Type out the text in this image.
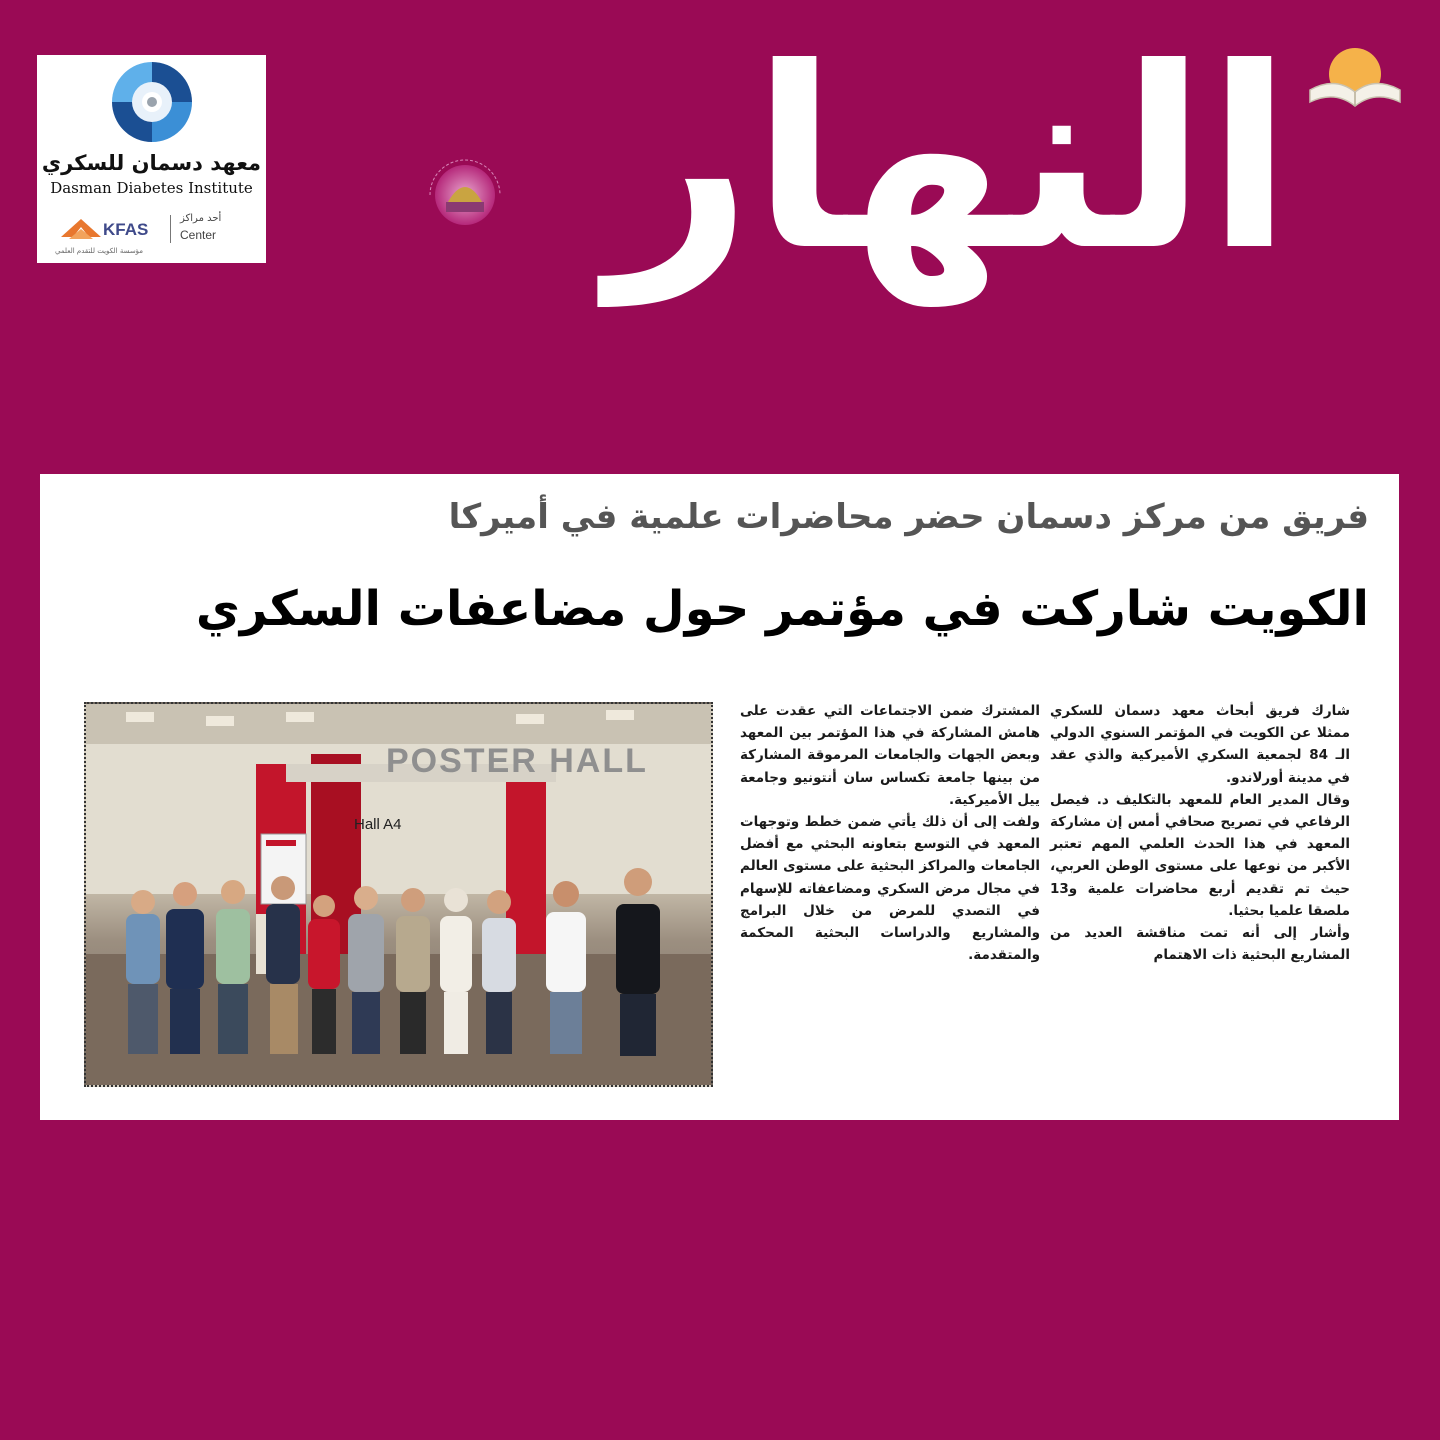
معهد دسمان للسكري
Dasman Diabetes Institute
KFAS
أحد مراكز
Center
مؤسسة الكويت للتقدم العلمي	النهار
فريق من مركز دسمان حضر محاضرات علمية في أميركا
الكويت شاركت في مؤتمر حول مضاعفات السكري

شارك فريق أبحاث معهد دسمان للسكري ممثلا عن الكويت في المؤتمر السنوي الدولي الـ 84 لجمعية السكري الأميركية والذي عقد في مدينة أورلاندو.

وقال المدير العام للمعهد بالتكليف د. فيصل الرفاعي في تصريح صحافي أمس إن مشاركة المعهد في هذا الحدث العلمي المهم تعتبر الأكبر من نوعها على مستوى الوطن العربي، حيث تم تقديم أربع محاضرات علمية و13 ملصقا علميا بحثيا.

وأشار إلى أنه تمت مناقشة العديد من المشاريع البحثية ذات الاهتمام

المشترك ضمن الاجتماعات التي عقدت على هامش المشاركة في هذا المؤتمر بين المعهد وبعض الجهات والجامعات المرموقة المشاركة من بينها جامعة تكساس سان أنتونيو وجامعة ييل الأميركية.

ولفت إلى أن ذلك يأتي ضمن خطط وتوجهات المعهد في التوسع بتعاونه البحثي مع أفضل الجامعات والمراكز البحثية على مستوى العالم في مجال مرض السكري ومضاعفاته للإسهام في التصدي للمرض من خلال البرامج والمشاريع والدراسات البحثية المحكمة والمتقدمة.

POSTER HALL
Hall A4
